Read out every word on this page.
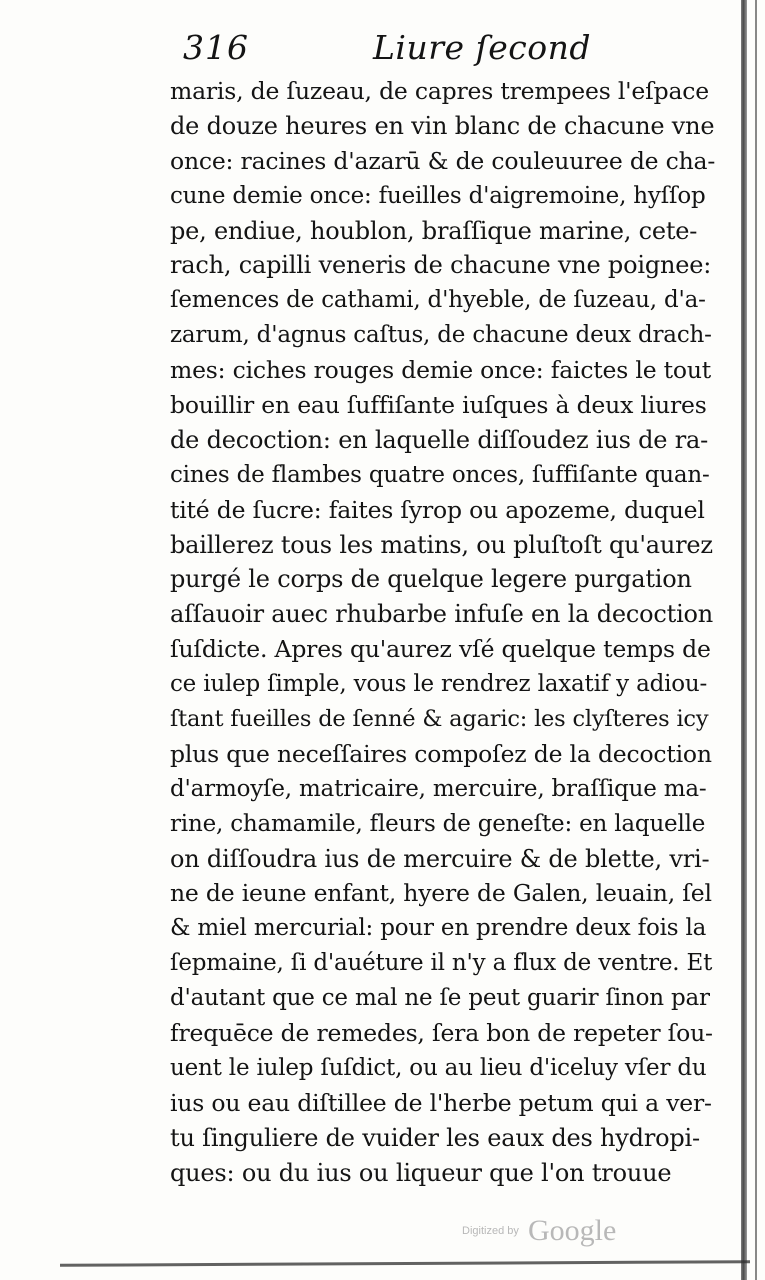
316	Liure ſecond
maris, de ſuzeau, de capres trempees l'eſpace
de douze heures en vin blanc de chacune vne
once: racines d'azarū & de couleuuree de cha-
cune demie once: fueilles d'aigremoine, hyſſop
pe, endiue, houblon, braſſique marine, cete-
rach, capilli veneris de chacune vne poignee:
ſemences de cathami, d'hyeble, de ſuzeau, d'a-
zarum, d'agnus caſtus, de chacune deux drach-
mes: ciches rouges demie once: faictes le tout
bouillir en eau ſuffiſante iuſques à deux liures
de decoction: en laquelle diſſoudez ius de ra-
cines de flambes quatre onces, ſuffiſante quan-
tité de ſucre: faites ſyrop ou apozeme, duquel
baillerez tous les matins, ou pluſtoſt qu'aurez
purgé le corps de quelque legere purgation
aſſauoir auec rhubarbe infuſe en la decoction
ſuſdicte. Apres qu'aurez vſé quelque temps de
ce iulep ſimple, vous le rendrez laxatif y adiou-
ſtant fueilles de ſenné & agaric: les clyſteres icy
plus que neceſſaires compoſez de la decoction
d'armoyſe, matricaire, mercuire, braſſique ma-
rine, chamamile, fleurs de geneſte: en laquelle
on diſſoudra ius de mercuire & de blette, vri-
ne de ieune enfant, hyere de Galen, leuain, ſel
& miel mercurial: pour en prendre deux fois la
ſepmaine, ſi d'auéture il n'y a flux de ventre. Et
d'autant que ce mal ne ſe peut guarir ſinon par
frequēce de remedes, ſera bon de repeter ſou-
uent le iulep ſuſdict, ou au lieu d'iceluy vſer du
ius ou eau diſtillee de l'herbe petum qui a ver-
tu ſinguliere de vuider les eaux des hydropi-
ques: ou du ius ou liqueur que l'on trouue
Digitized by Google
